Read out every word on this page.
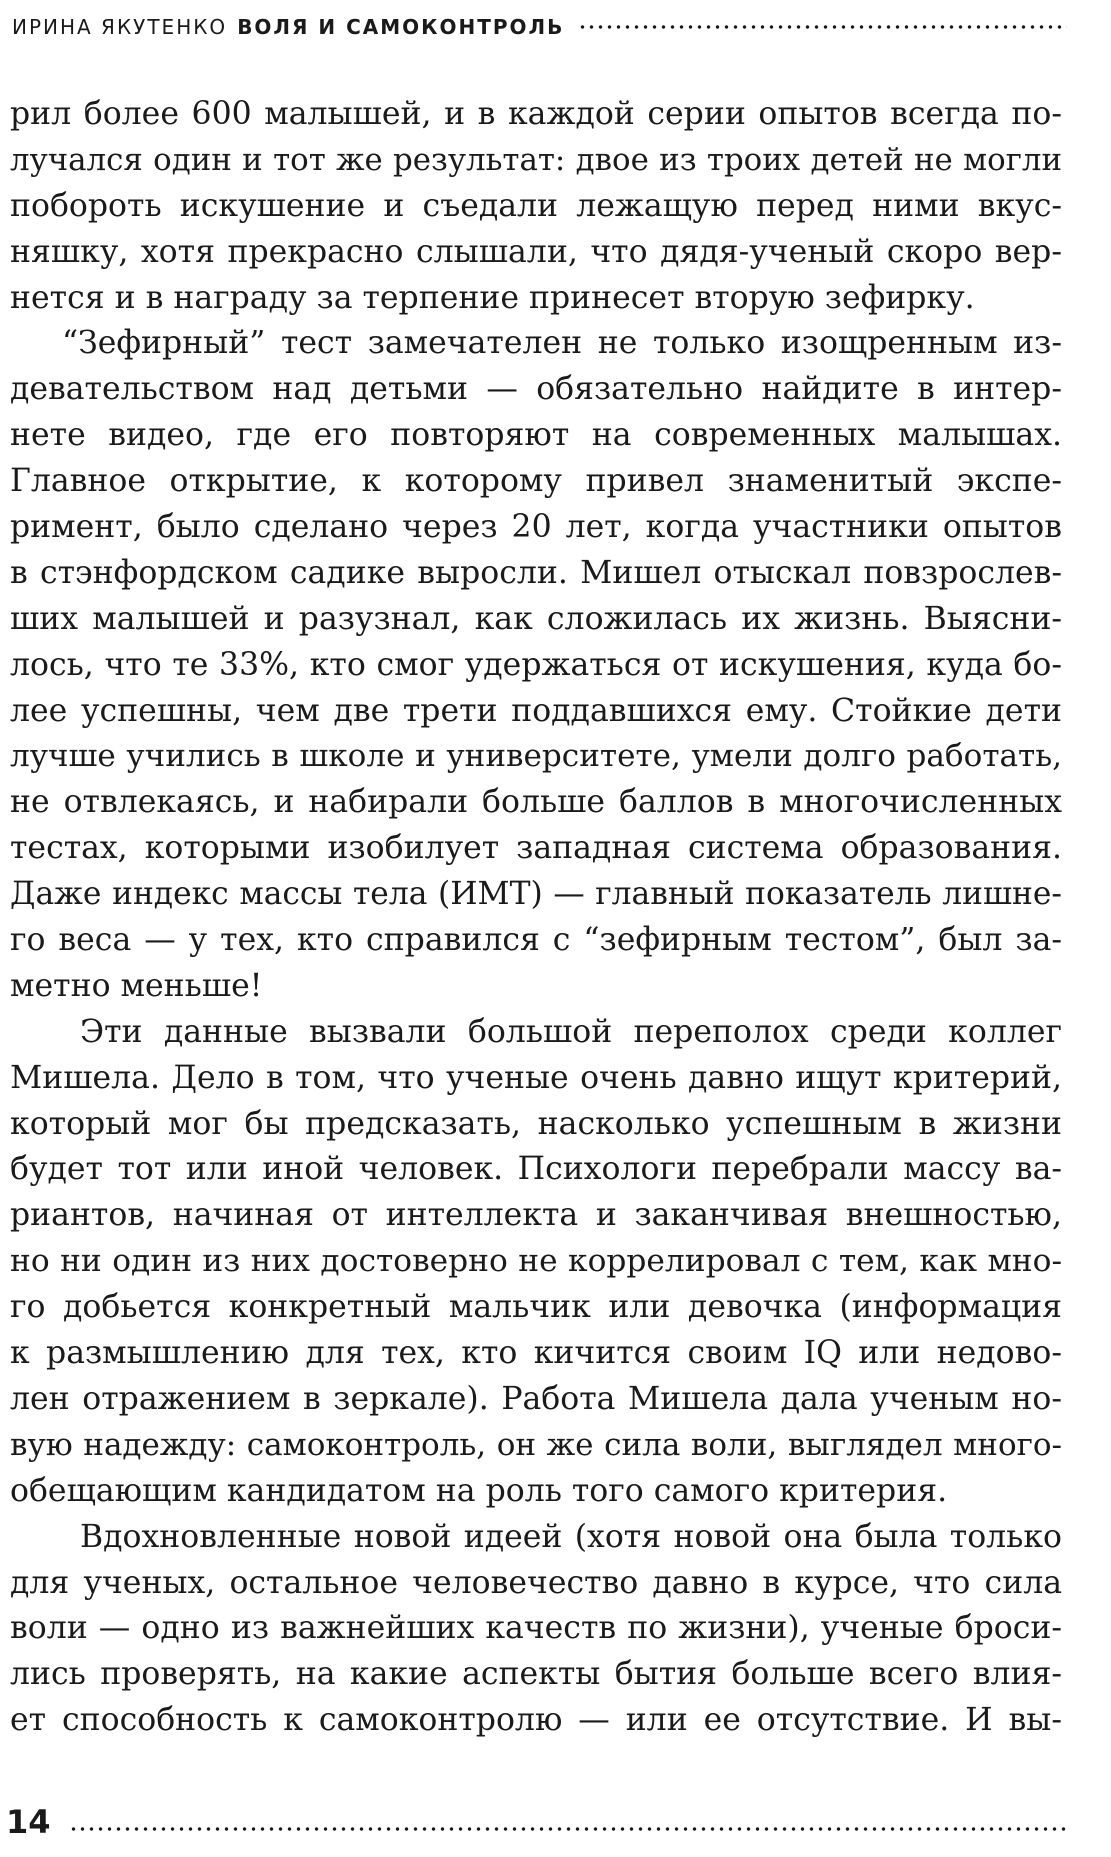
ИРИНА ЯКУТЕНКО ВОЛЯ И САМОКОНТРОЛЬ
рил более 600 малышей, и в каждой серии опытов всегда по-
лучался один и тот же результат: двое из троих детей не могли
побороть искушение и съедали лежащую перед ними вкус-
няшку, хотя прекрасно слышали, что дядя-ученый скоро вер-
нется и в награду за терпение принесет вторую зефирку.
“Зефирный” тест замечателен не только изощренным из-
девательством над детьми — обязательно найдите в интер-
нете видео, где его повторяют на современных малышах.
Главное открытие, к которому привел знаменитый экспе-
римент, было сделано через 20 лет, когда участники опытов
в стэнфордском садике выросли. Мишел отыскал повзрослев-
ших малышей и разузнал, как сложилась их жизнь. Выясни-
лось, что те 33%, кто смог удержаться от искушения, куда бо-
лее успешны, чем две трети поддавшихся ему. Стойкие дети
лучше учились в школе и университете, умели долго работать,
не отвлекаясь, и набирали больше баллов в многочисленных
тестах, которыми изобилует западная система образования.
Даже индекс массы тела (ИМТ) — главный показатель лишне-
го веса — у тех, кто справился с “зефирным тестом”, был за-
метно меньше!
Эти данные вызвали большой переполох среди коллег
Мишела. Дело в том, что ученые очень давно ищут критерий,
который мог бы предсказать, насколько успешным в жизни
будет тот или иной человек. Психологи перебрали массу ва-
риантов, начиная от интеллекта и заканчивая внешностью,
но ни один из них достоверно не коррелировал с тем, как мно-
го добьется конкретный мальчик или девочка (информация
к размышлению для тех, кто кичится своим IQ или недово-
лен отражением в зеркале). Работа Мишела дала ученым но-
вую надежду: самоконтроль, он же сила воли, выглядел много-
обещающим кандидатом на роль того самого критерия.
Вдохновленные новой идеей (хотя новой она была только
для ученых, остальное человечество давно в курсе, что сила
воли — одно из важнейших качеств по жизни), ученые броси-
лись проверять, на какие аспекты бытия больше всего влия-
ет способность к самоконтролю — или ее отсутствие. И вы-
14
